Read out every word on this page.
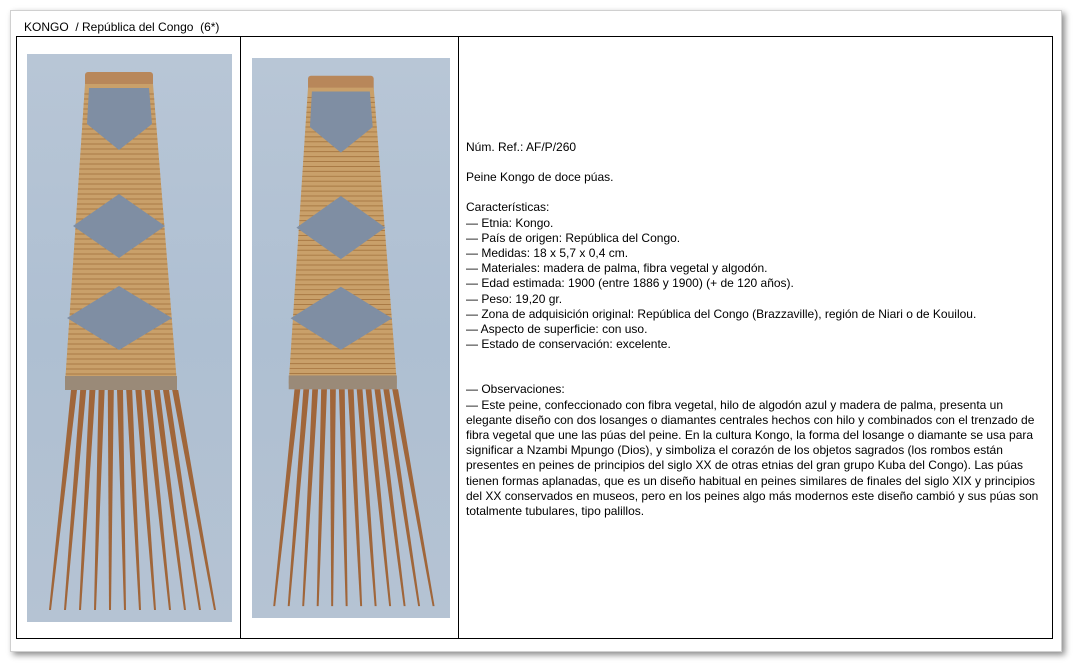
KONGO  / República del Congo  (6*)

Núm. Ref.: AF/P/260

Peine Kongo de doce púas.

Características:

— Etnia: Kongo.

— País de origen: República del Congo.

— Medidas: 18 x 5,7 x 0,4 cm.

— Materiales: madera de palma, fibra vegetal y algodón.

— Edad estimada: 1900 (entre 1886 y 1900) (+ de 120 años).

— Peso: 19,20 gr.

— Zona de adquisición original: República del Congo (Brazzaville), región de Niari o de Kouilou.

— Aspecto de superficie: con uso.

— Estado de conservación: excelente.

— Observaciones:

— Este peine, confeccionado con fibra vegetal, hilo de algodón azul y madera de palma, presenta un elegante diseño con dos losanges o diamantes centrales hechos con hilo y combinados con el trenzado de fibra vegetal que une las púas del peine. En la cultura Kongo, la forma del losange o diamante se usa para significar a Nzambi Mpungo (Dios), y simboliza el corazón de los objetos sagrados (los rombos están presentes en peines de principios del siglo XX de otras etnias del gran grupo Kuba del Congo). Las púas tienen formas aplanadas, que es un diseño habitual en peines similares de finales del siglo XIX y principios del XX conservados en museos, pero en los peines algo más modernos este diseño cambió y sus púas son totalmente tubulares, tipo palillos.
